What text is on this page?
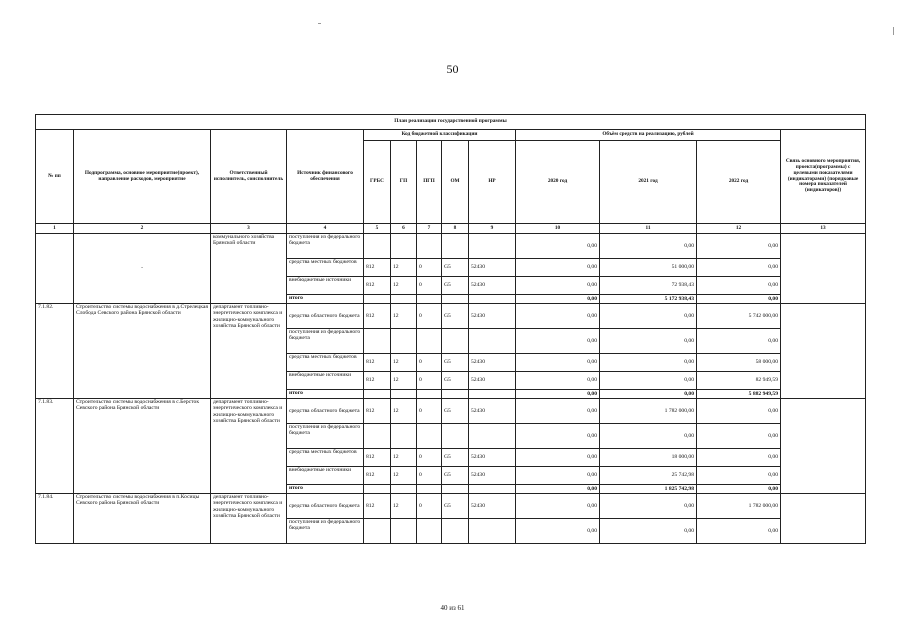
50
План реализации государственной программы												
№ пп	Подпрограмма, основное мероприятие(проект), направление расходов, мероприятие	Ответственный исполнитель, соисполнитель	Источник финансового обеспечения	Код бюджетной классификации					Объём средств на реализацию, рублей			Связь основного мероприятия, проекта(программы) с целевыми показателями (индикаторами) (порядковые номера показателей (индикаторов))
				ГРБС	ГП	ПГП	ОМ	НР	2020 год	2021 год	2022 год	
1	2	3	4	5	6	7	8	9	10	11	12	13
	-	коммунального хозяйства Брянской области	поступления из федерального бюджета						0,00	0,00	0,00	
			средства местных бюджетов	812	12	0	G5	52430	0,00	51 000,00	0,00	
			внебюджетные источники	812	12	0	G5	52430	0,00	72 938,43	0,00	
			итого						0,00	5 172 938,43	0,00	
7.1.82.	Строительство системы водоснабжения в д.Стрелецкая Слобода Севского района Брянской области	департамент топливно-энергетического комплекса и жилищно-коммунального хозяйства Брянской области	средства областного бюджета	812	12	0	G5	52430	0,00	0,00	5 742 000,00	
			поступления из федерального бюджета						0,00	0,00	0,00	
			средства местных бюджетов	812	12	0	G5	52430	0,00	0,00	58 000,00	
			внебюджетные источники	812	12	0	G5	52430	0,00	0,00	82 949,59	
			итого						0,00	0,00	5 882 949,59	
7.1.83.	Строительство системы водоснабжения в с.Берсток Севского района Брянской области	департамент топливно-энергетического комплекса и жилищно-коммунального хозяйства Брянской области	средства областного бюджета	812	12	0	G5	52430	0,00	1 782 000,00	0,00	
			поступления из федерального бюджета						0,00	0,00	0,00	
			средства местных бюджетов	812	12	0	G5	52430	0,00	18 000,00	0,00	
			внебюджетные источники	812	12	0	G5	52430	0,00	25 742,98	0,00	
			итого						0,00	1 825 742,98	0,00	
7.1.84.	Строительство системы водоснабжения в п.Косицы Севского района Брянской области	департамент топливно-энергетического комплекса и жилищно-коммунального хозяйства Брянской области	средства областного бюджета	812	12	0	G5	52430	0,00	0,00	1 782 000,00	
			поступления из федерального бюджета						0,00	0,00	0,00	
40 из 61
